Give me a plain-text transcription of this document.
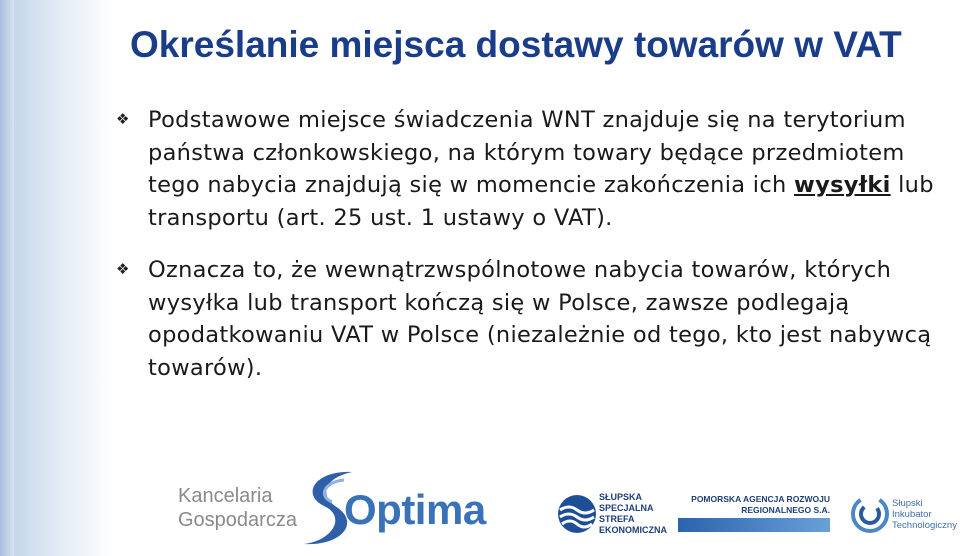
Określanie miejsca dostawy towarów w VAT
❖ Podstawowe miejsce świadczenia WNT znajduje się na terytorium państwa członkowskiego, na którym towary będące przedmiotem tego nabycia znajdują się w momencie zakończenia ich wysyłki lub transportu (art. 25 ust. 1 ustawy o VAT).
❖ Oznacza to, że wewnątrzwspólnotowe nabycia towarów, których wysyłka lub transport kończą się w Polsce, zawsze podlegają opodatkowaniu VAT w Polsce (niezależnie od tego, kto jest nabywcą towarów).
Kancelaria
Gospodarcza Optima	SŁUPSKA
SPECJALNA
STREFA
EKONOMICZNA
POMORSKA AGENCJA ROZWOJU
REGIONALNEGO S.A.
Słupski
Inkubator
Technologiczny
